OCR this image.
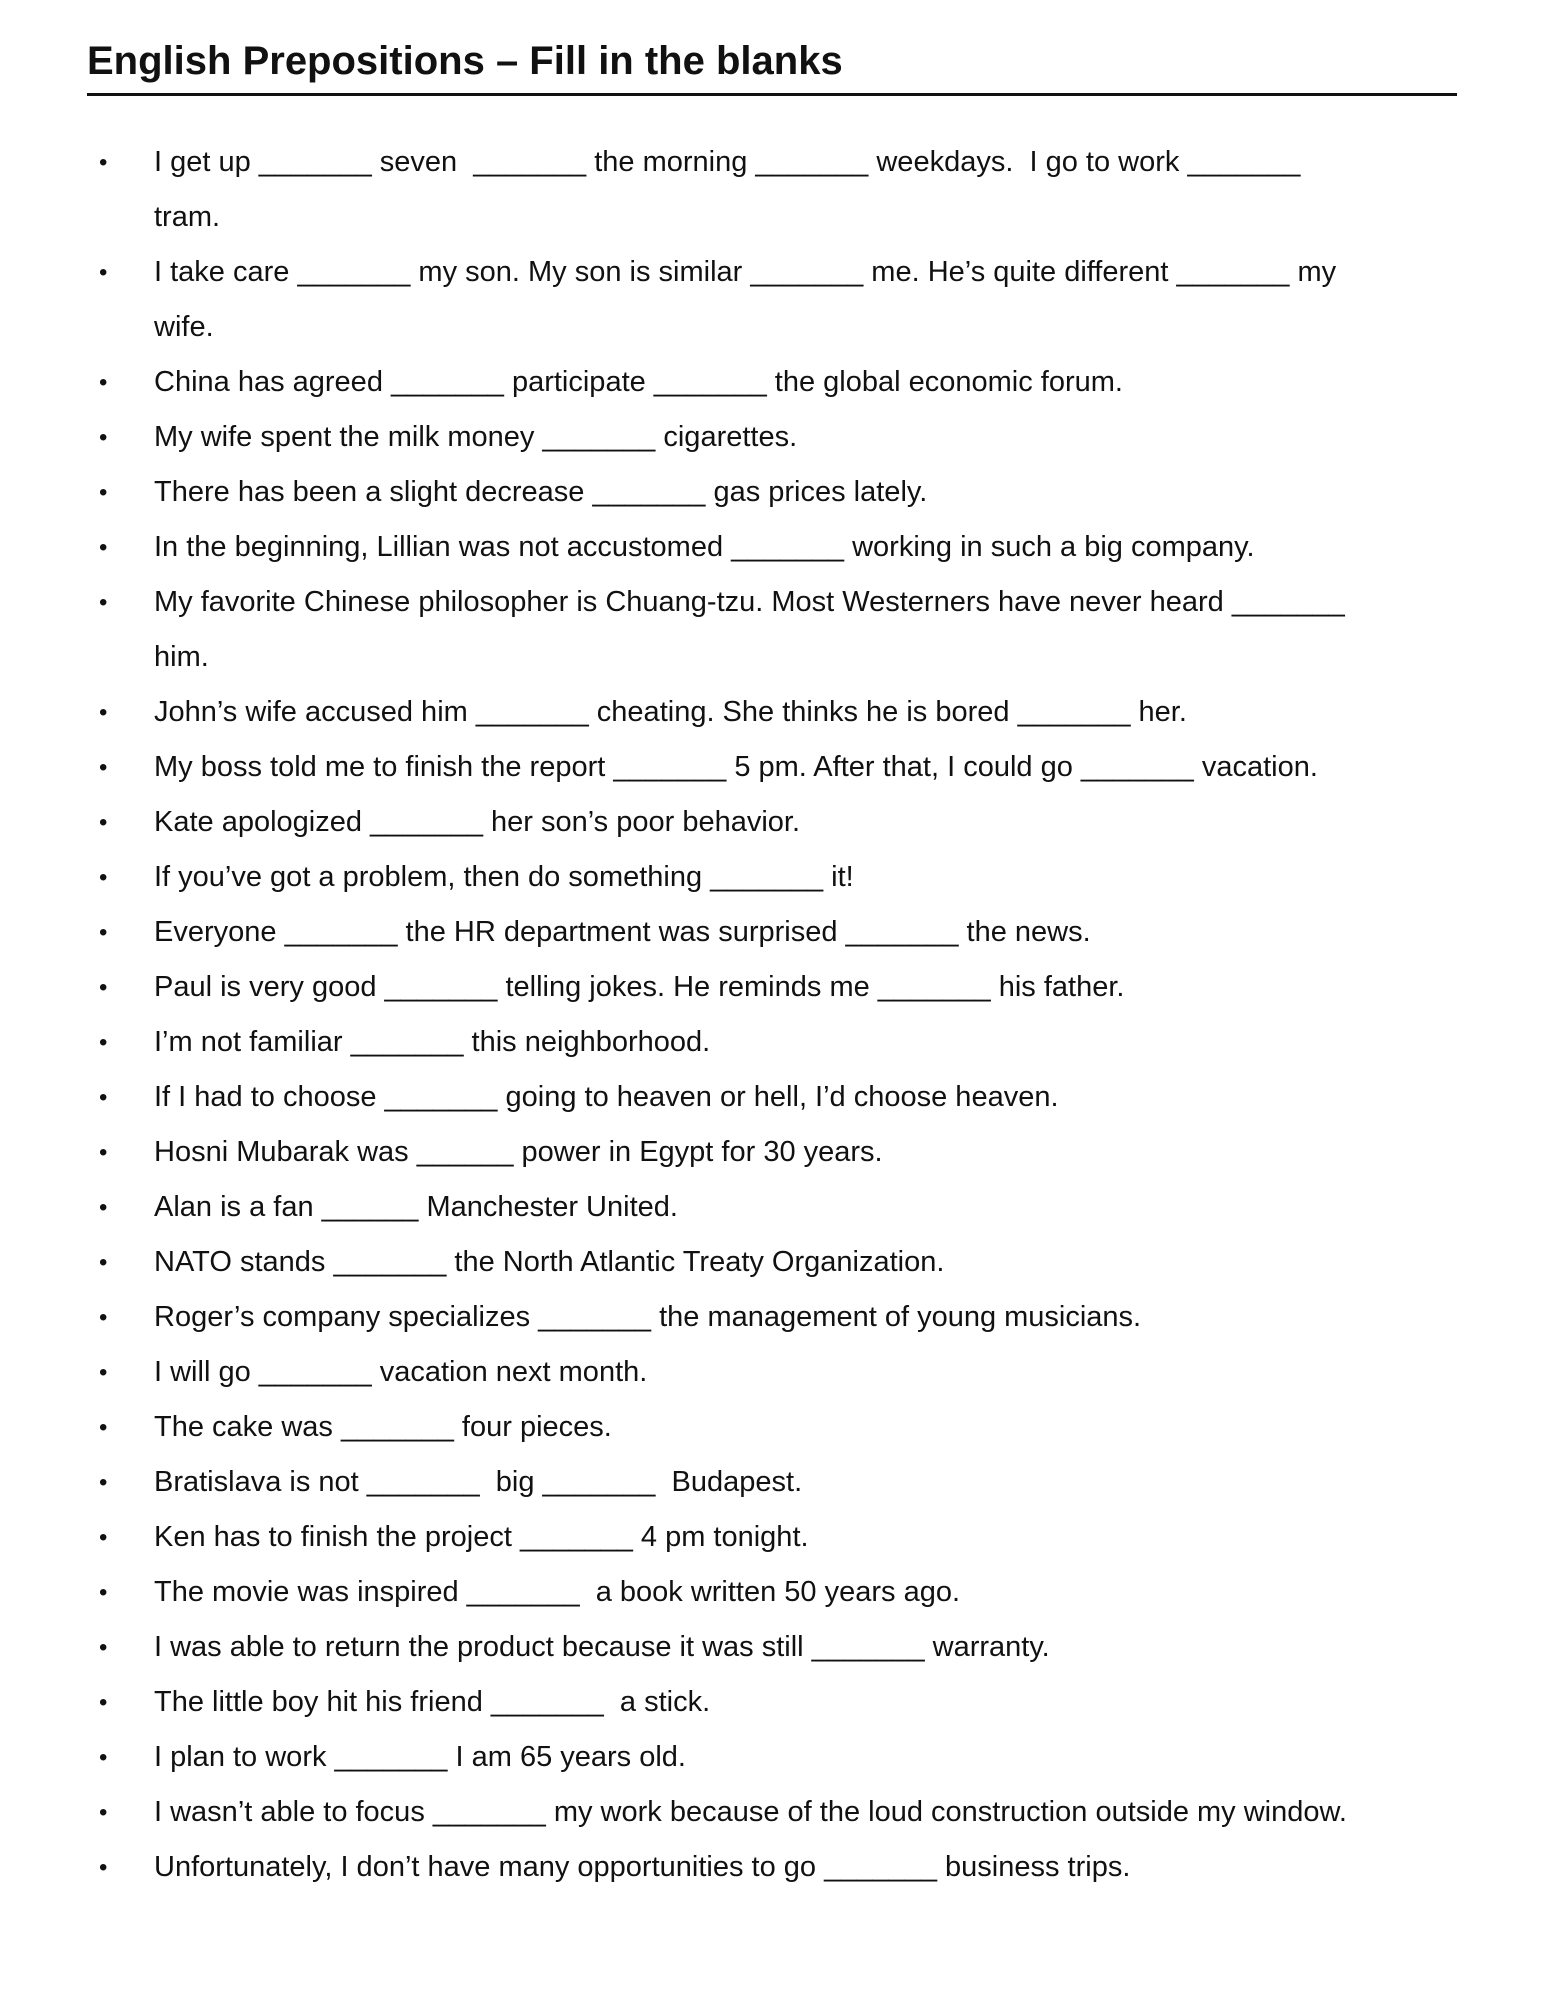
English Prepositions – Fill in the blanks
• I get up _______ seven  _______ the morning _______ weekdays.  I go to work _______
tram.
• I take care _______ my son. My son is similar _______ me. He’s quite different _______ my
wife.
• China has agreed _______ participate _______ the global economic forum.
• My wife spent the milk money _______ cigarettes.
• There has been a slight decrease _______ gas prices lately.
• In the beginning, Lillian was not accustomed _______ working in such a big company.
• My favorite Chinese philosopher is Chuang-tzu. Most Westerners have never heard _______
him.
• John’s wife accused him _______ cheating. She thinks he is bored _______ her.
• My boss told me to finish the report _______ 5 pm. After that, I could go _______ vacation.
• Kate apologized _______ her son’s poor behavior.
• If you’ve got a problem, then do something _______ it!
• Everyone _______ the HR department was surprised _______ the news.
• Paul is very good _______ telling jokes. He reminds me _______ his father.
• I’m not familiar _______ this neighborhood.
• If I had to choose _______ going to heaven or hell, I’d choose heaven.
• Hosni Mubarak was ______ power in Egypt for 30 years.
• Alan is a fan ______ Manchester United.
• NATO stands _______ the North Atlantic Treaty Organization.
• Roger’s company specializes _______ the management of young musicians.
• I will go _______ vacation next month.
• The cake was _______ four pieces.
• Bratislava is not _______  big _______  Budapest.
• Ken has to finish the project _______ 4 pm tonight.
• The movie was inspired _______  a book written 50 years ago.
• I was able to return the product because it was still _______ warranty.
• The little boy hit his friend _______  a stick.
• I plan to work _______ I am 65 years old.
• I wasn’t able to focus _______ my work because of the loud construction outside my window.
• Unfortunately, I don’t have many opportunities to go _______ business trips.
